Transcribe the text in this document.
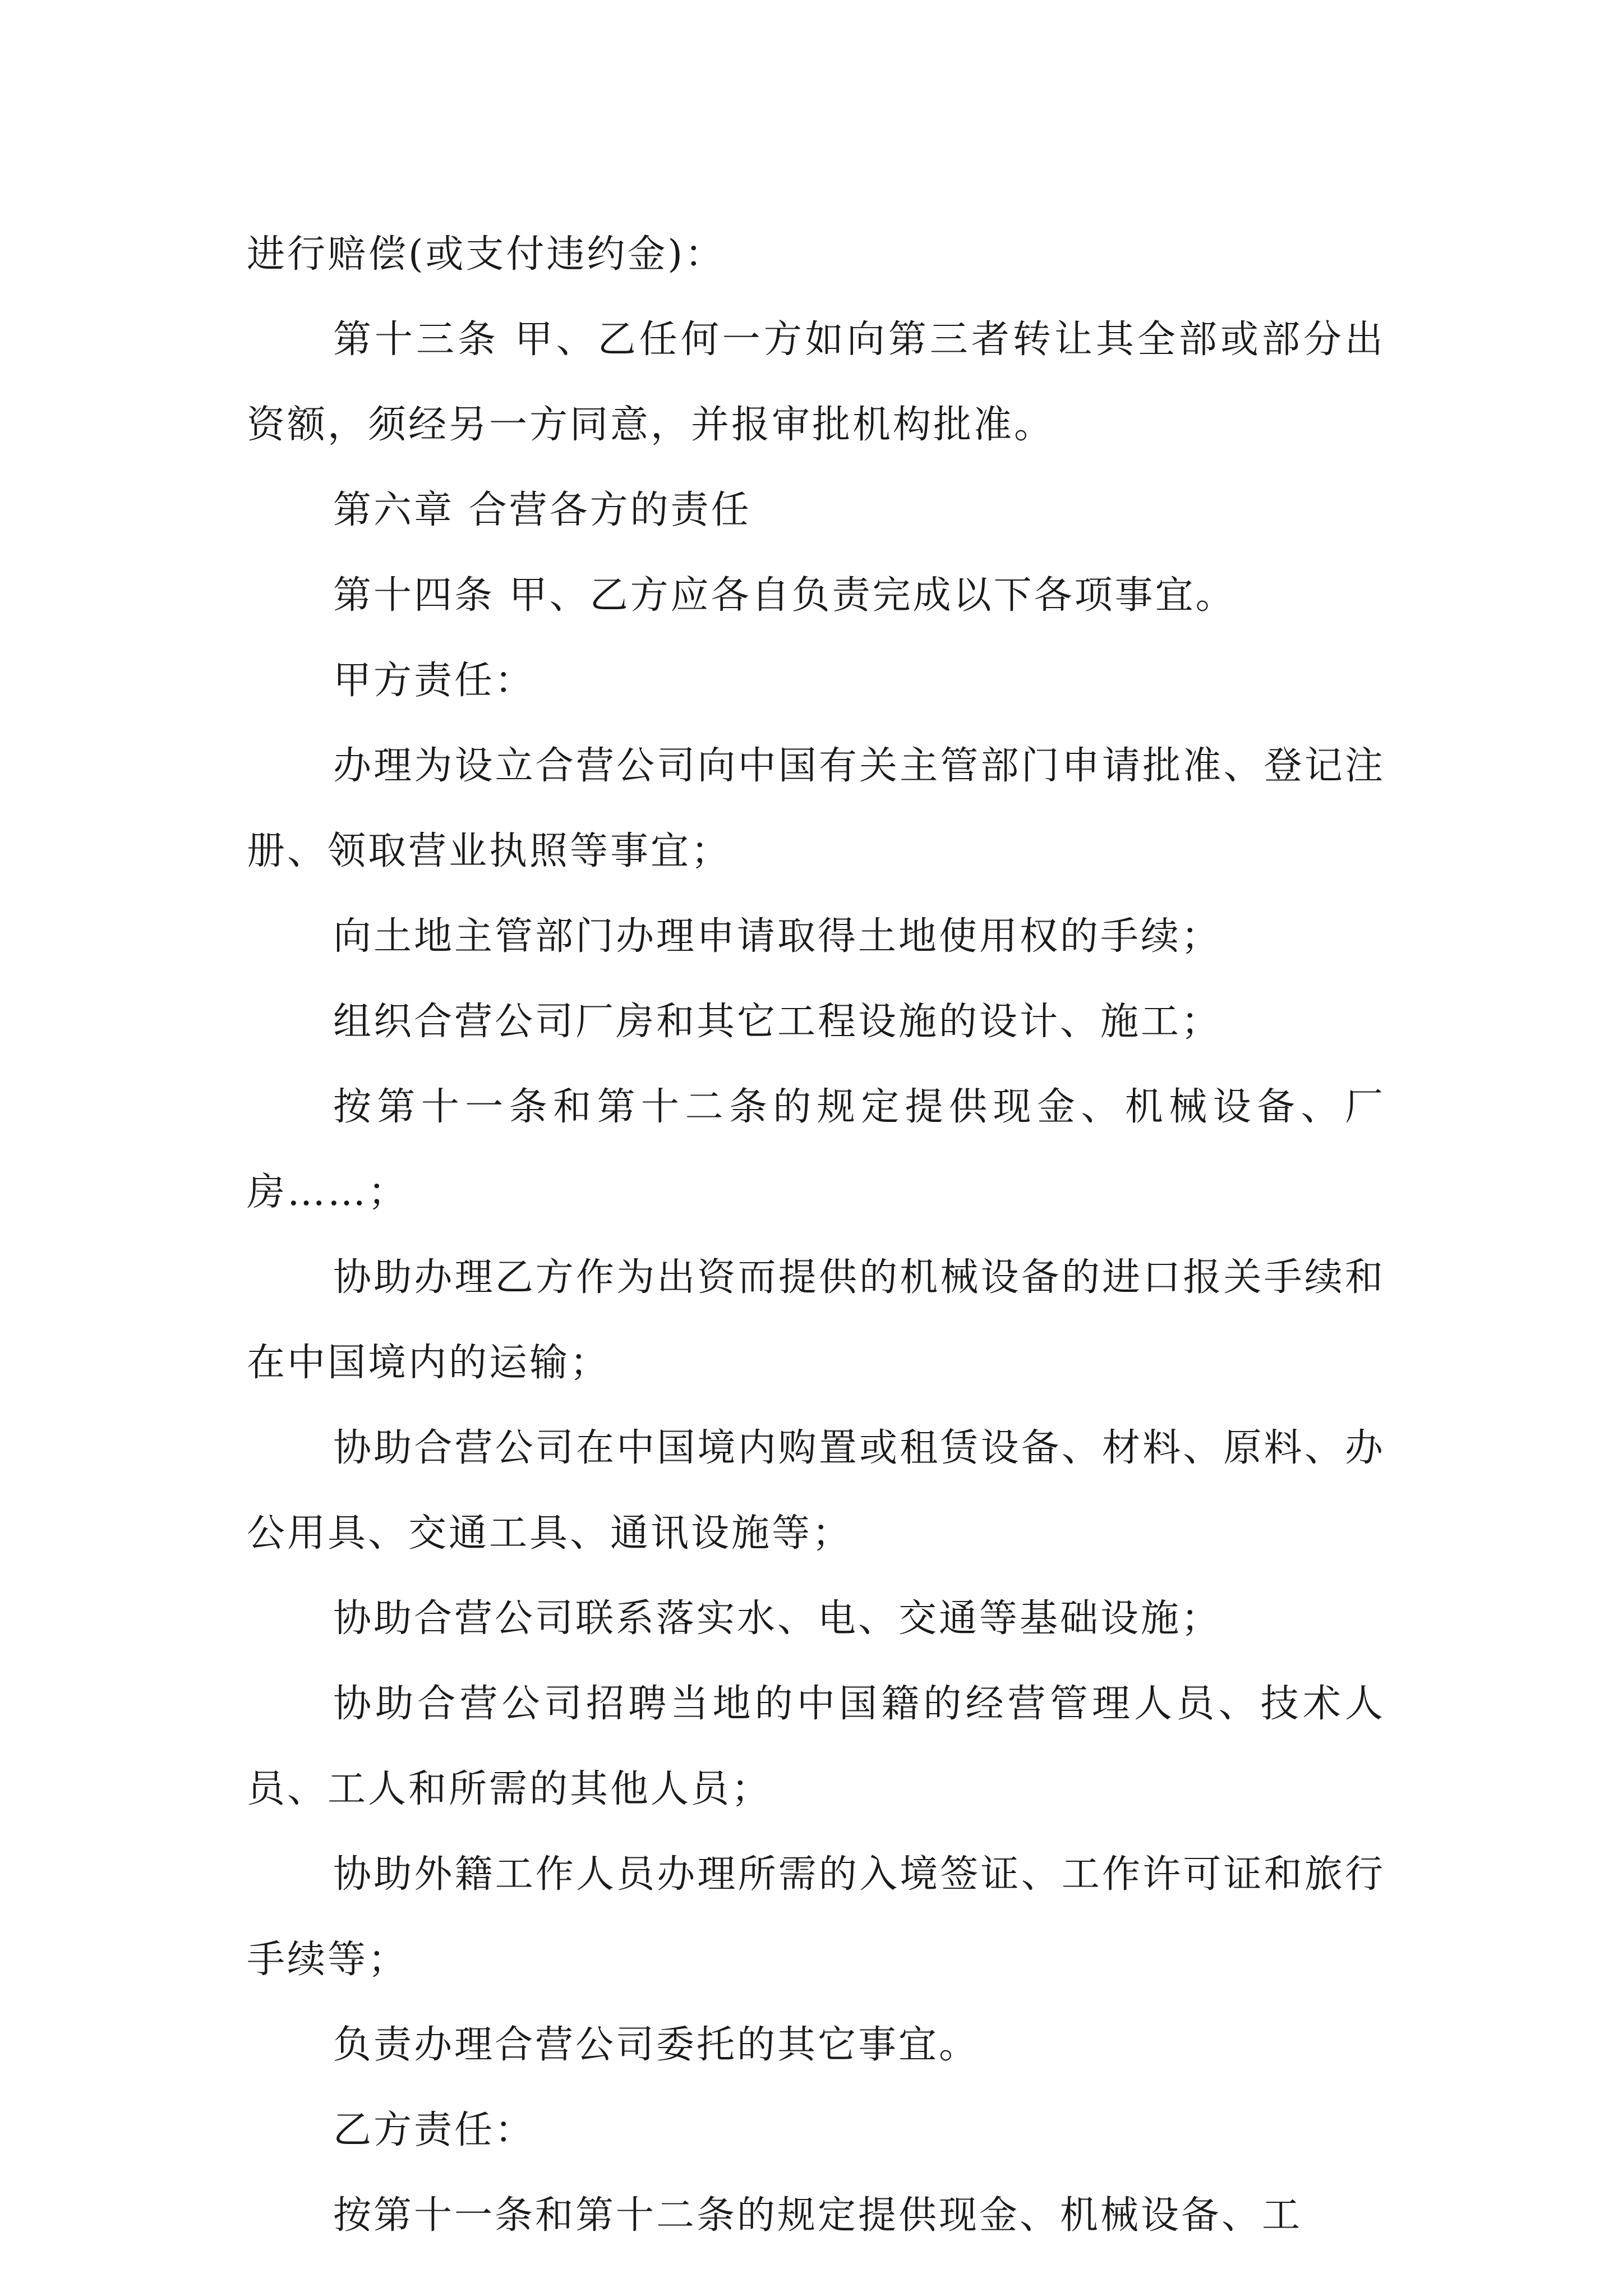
进行赔偿(或支付违约金)：

第十三条 甲、乙任何一方如向第三者转让其全部或部分出资额，须经另一方同意，并报审批机构批准。

第六章 合营各方的责任

第十四条 甲、乙方应各自负责完成以下各项事宜。

甲方责任：

办理为设立合营公司向中国有关主管部门申请批准、登记注册、领取营业执照等事宜；

向土地主管部门办理申请取得土地使用权的手续；

组织合营公司厂房和其它工程设施的设计、施工；

按第十一条和第十二条的规定提供现金、机械设备、厂房……；

协助办理乙方作为出资而提供的机械设备的进口报关手续和在中国境内的运输；

协助合营公司在中国境内购置或租赁设备、材料、原料、办公用具、交通工具、通讯设施等；

协助合营公司联系落实水、电、交通等基础设施；

协助合营公司招聘当地的中国籍的经营管理人员、技术人员、工人和所需的其他人员；

协助外籍工作人员办理所需的入境签证、工作许可证和旅行手续等；

负责办理合营公司委托的其它事宜。

乙方责任：

按第十一条和第十二条的规定提供现金、机械设备、工
